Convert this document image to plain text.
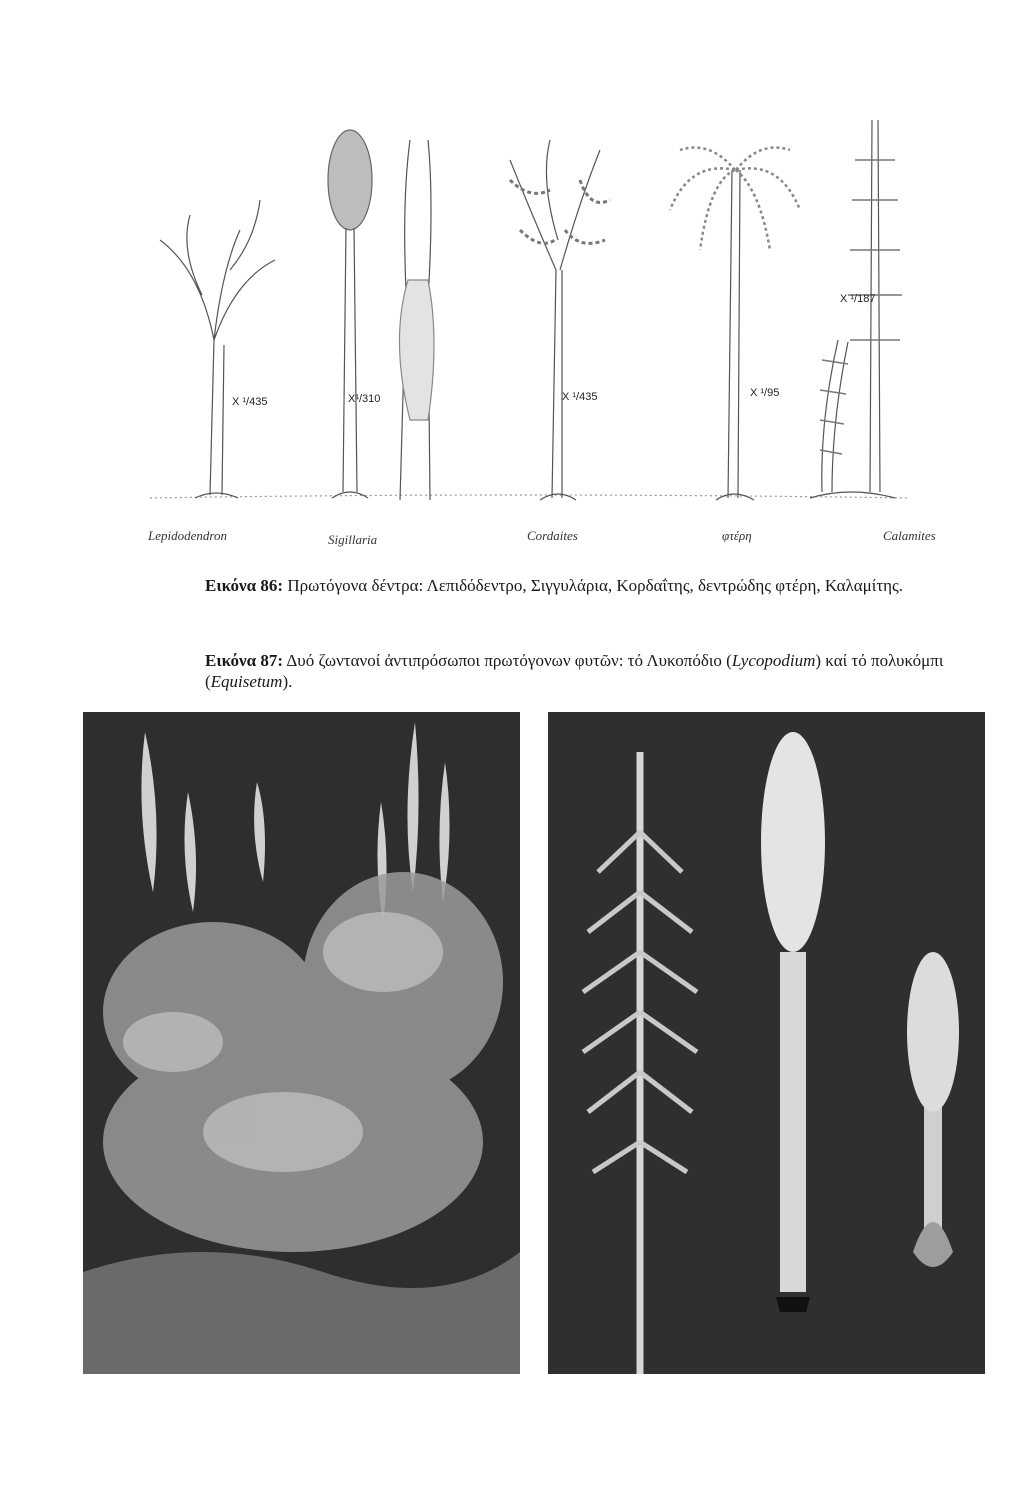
X ¹/435	X¹/310	X ¹/435	X ¹/95
X ¹/187
Lepidodendron	Sigillaria	Cordaites	φτέρη	Calamites

Εικόνα 86: Πρωτόγονα δέντρα: Λεπιδόδεντρο, Σιγγυλάρια, Κορδαΐτης, δεντρώδης φτέρη, Καλαμίτης.

Εικόνα 87: Δυό ζωντανοί ἀντιπρόσωποι πρωτόγονων φυτῶν: τό Λυκοπόδιο (Lycopodium) καί τό πολυκόμπι (Equisetum).
